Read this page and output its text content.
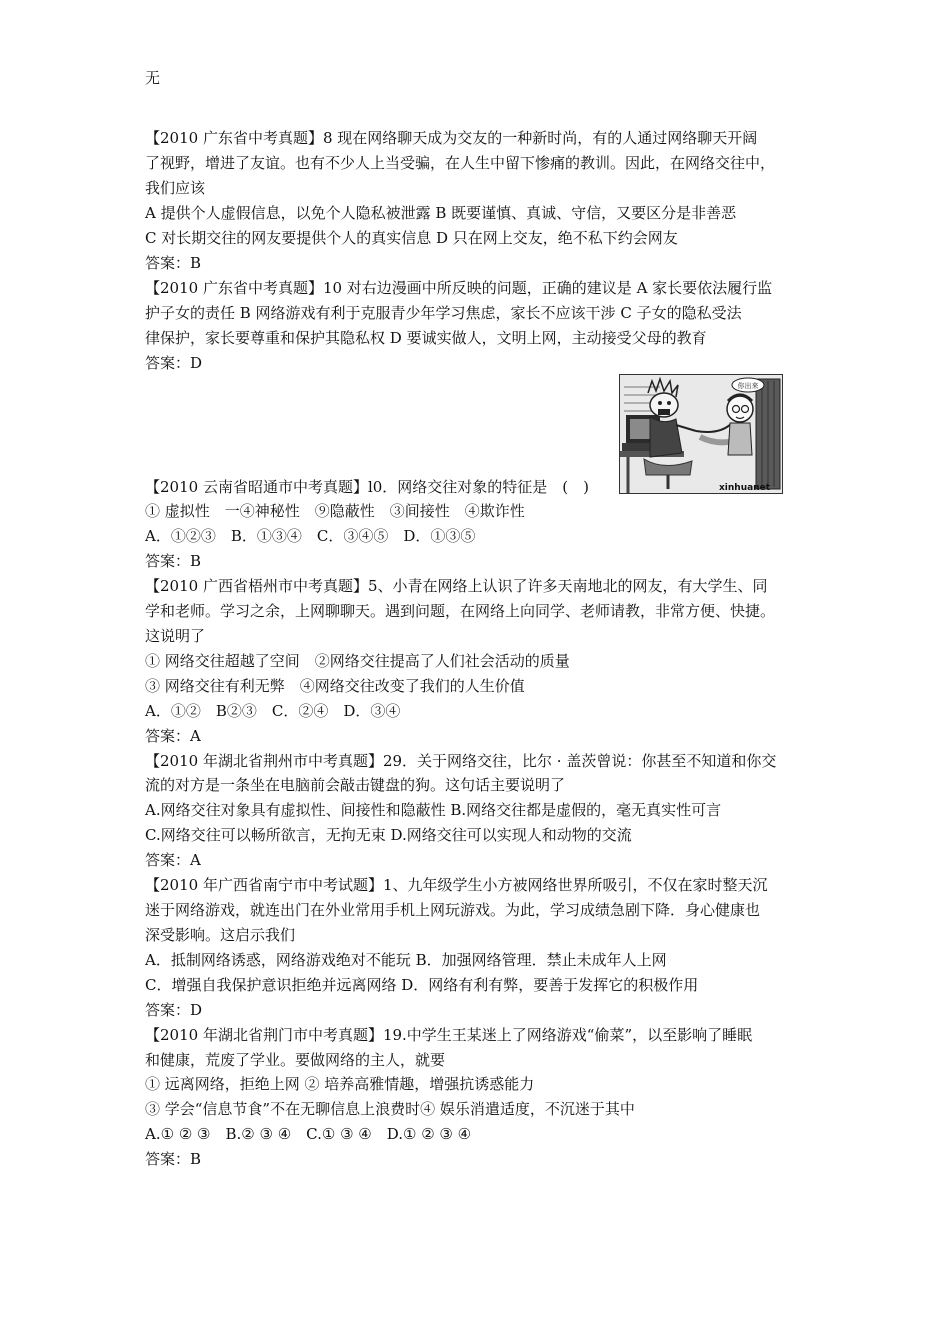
无
【2010 广东省中考真题】8 现在网络聊天成为交友的一种新时尚，有的人通过网络聊天开阔
了视野，增进了友谊。也有不少人上当受骗，在人生中留下惨痛的教训。因此，在网络交往中，
我们应该
A 提供个人虚假信息，以免个人隐私被泄露 B 既要谨慎、真诚、守信，又要区分是非善恶
C 对长期交往的网友要提供个人的真实信息 D 只在网上交友，绝不私下约会网友
答案：B
【2010 广东省中考真题】10 对右边漫画中所反映的问题，正确的建议是 A 家长要依法履行监
护子女的责任 B 网络游戏有利于克服青少年学习焦虑，家长不应该干涉 C 子女的隐私受法
律保护，家长要尊重和保护其隐私权 D 要诚实做人，文明上网，主动接受父母的教育
答案：D
你出来
xinhuanet
【2010 云南省昭通市中考真题】l0．网络交往对象的特征是　(　)
① 虚拟性　一④神秘性　⑨隐蔽性　③间接性　④欺诈性
A．①②③　B．①③④　C．③④⑤　D．①③⑤
答案：B
【2010 广西省梧州市中考真题】5、小青在网络上认识了许多天南地北的网友，有大学生、同
学和老师。学习之余，上网聊聊天。遇到问题，在网络上向同学、老师请教，非常方便、快捷。
这说明了
① 网络交往超越了空间　②网络交往提高了人们社会活动的质量
③ 网络交往有利无弊　④网络交往改变了我们的人生价值
A．①②　B②③　C．②④　D．③④
答案：A
【2010 年湖北省荆州市中考真题】29．关于网络交往，比尔 · 盖茨曾说：你甚至不知道和你交
流的对方是一条坐在电脑前会敲击键盘的狗。这句话主要说明了
A.网络交往对象具有虚拟性、间接性和隐蔽性 B.网络交往都是虚假的，毫无真实性可言
C.网络交往可以畅所欲言，无拘无束 D.网络交往可以实现人和动物的交流
答案：A
【2010 年广西省南宁市中考试题】1、九年级学生小方被网络世界所吸引，不仅在家时整天沉
迷于网络游戏，就连出门在外业常用手机上网玩游戏。为此，学习成绩急剧下降．身心健康也
深受影响。这启示我们
A．抵制网络诱惑，网络游戏绝对不能玩 B．加强网络管理．禁止未成年人上网
C．增强自我保护意识拒绝并远离网络 D．网络有利有弊，要善于发挥它的积极作用
答案：D
【2010 年湖北省荆门市中考真题】19.中学生王某迷上了网络游戏“偷菜”，以至影响了睡眠
和健康，荒废了学业。要做网络的主人，就要
① 远离网络，拒绝上网 ② 培养高雅情趣，增强抗诱惑能力
③ 学会“信息节食”不在无聊信息上浪费时④ 娱乐消遣适度，不沉迷于其中
A.① ② ③　B.② ③ ④　C.① ③ ④　D.① ② ③ ④
答案：B
